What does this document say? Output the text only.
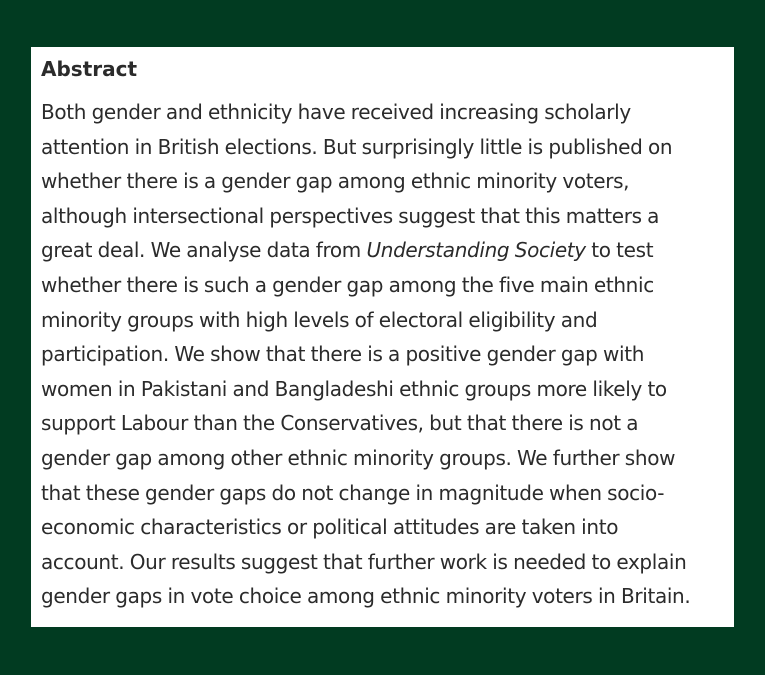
Abstract

Both gender and ethnicity have received increasing scholarly
attention in British elections. But surprisingly little is published on
whether there is a gender gap among ethnic minority voters,
although intersectional perspectives suggest that this matters a
great deal. We analyse data from Understanding Society to test
whether there is such a gender gap among the five main ethnic
minority groups with high levels of electoral eligibility and
participation. We show that there is a positive gender gap with
women in Pakistani and Bangladeshi ethnic groups more likely to
support Labour than the Conservatives, but that there is not a
gender gap among other ethnic minority groups. We further show
that these gender gaps do not change in magnitude when socio-
economic characteristics or political attitudes are taken into
account. Our results suggest that further work is needed to explain
gender gaps in vote choice among ethnic minority voters in Britain.
